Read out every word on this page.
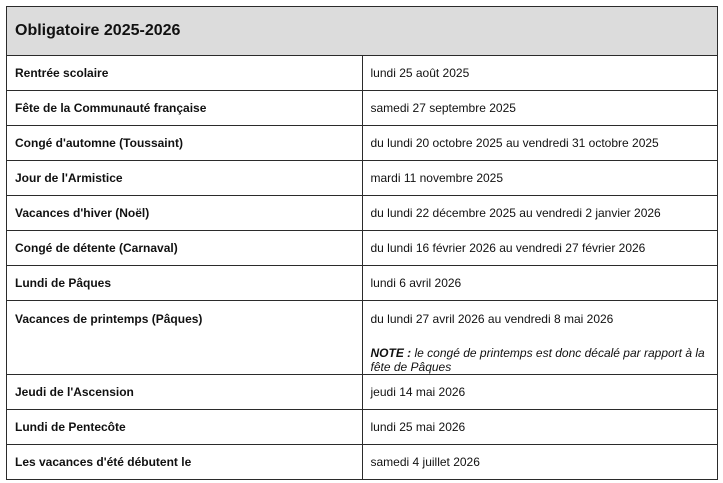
Obligatoire 2025-2026	
Rentrée scolaire	lundi 25 août 2025
Fête de la Communauté française	samedi 27 septembre 2025
Congé d'automne (Toussaint)	du lundi 20 octobre 2025 au vendredi 31 octobre 2025
Jour de l'Armistice	mardi 11 novembre 2025
Vacances d'hiver (Noël)	du lundi 22 décembre 2025 au vendredi 2 janvier 2026
Congé de détente (Carnaval)	du lundi 16 février 2026 au vendredi 27 février 2026
Lundi de Pâques	lundi 6 avril 2026
Vacances de printemps (Pâques)	du lundi 27 avril 2026 au vendredi 8 mai 2026
NOTE : le congé de printemps est donc décalé par rapport à la fête de Pâques

Jeudi de l'Ascension	jeudi 14 mai 2026
Lundi de Pentecôte	lundi 25 mai 2026
Les vacances d'été débutent le	samedi 4 juillet 2026
